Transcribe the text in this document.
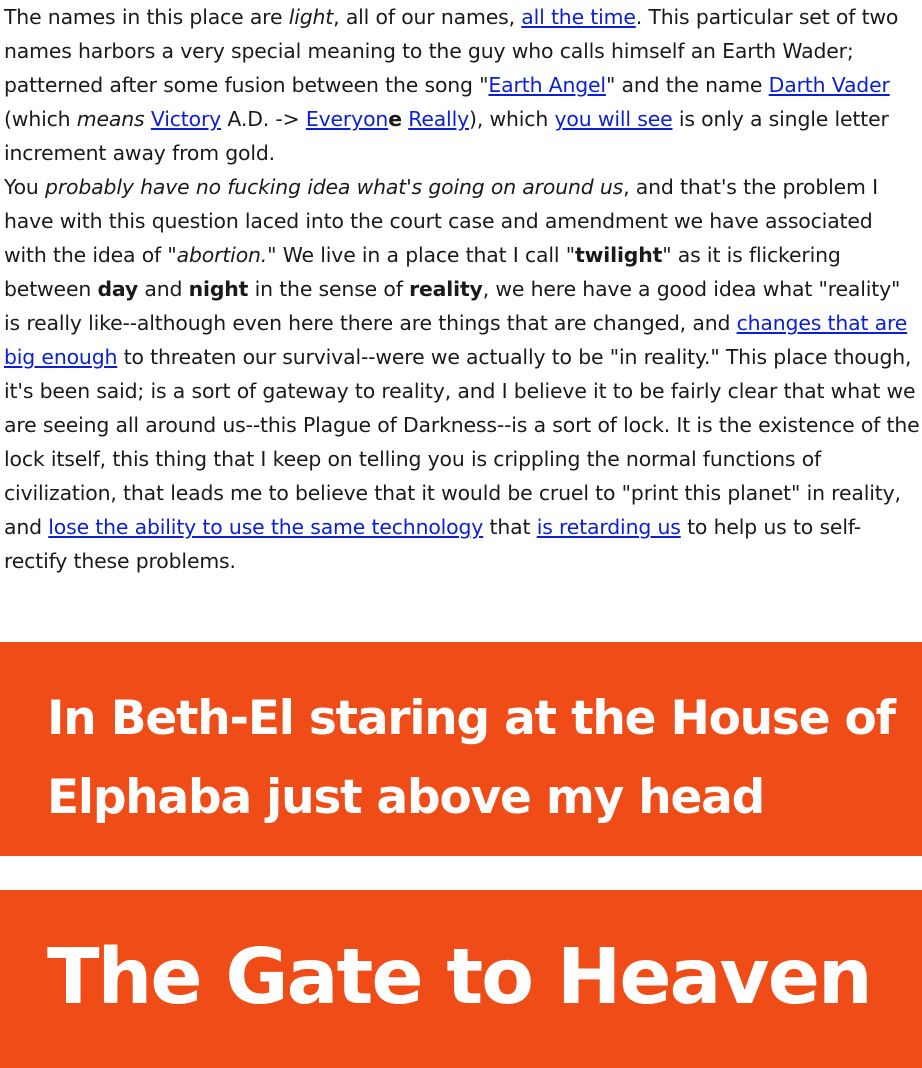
The names in this place are light, all of our names, all the time. This particular set of two names harbors a very special meaning to the guy who calls himself an Earth Wader; patterned after some fusion between the song "Earth Angel" and the name Darth Vader (which means Victory A.D. -> Everyone Really), which you will see is only a single letter increment away from gold.

You probably have no fucking idea what's going on around us, and that's the problem I have with this question laced into the court case and amendment we have associated with the idea of "abortion." We live in a place that I call "twilight" as it is flickering between day and night in the sense of reality, we here have a good idea what "reality" is really like--although even here there are things that are changed, and changes that are big enough to threaten our survival--were we actually to be "in reality." This place though, it's been said; is a sort of gateway to reality, and I believe it to be fairly clear that what we are seeing all around us--this Plague of Darkness--is a sort of lock. It is the existence of the lock itself, this thing that I keep on telling you is crippling the normal functions of civilization, that leads me to believe that it would be cruel to "print this planet" in reality, and lose the ability to use the same technology that is retarding us to help us to self-rectify these problems.

In Beth-El staring at the House of Elphaba just above my head
The Gate to Heaven
